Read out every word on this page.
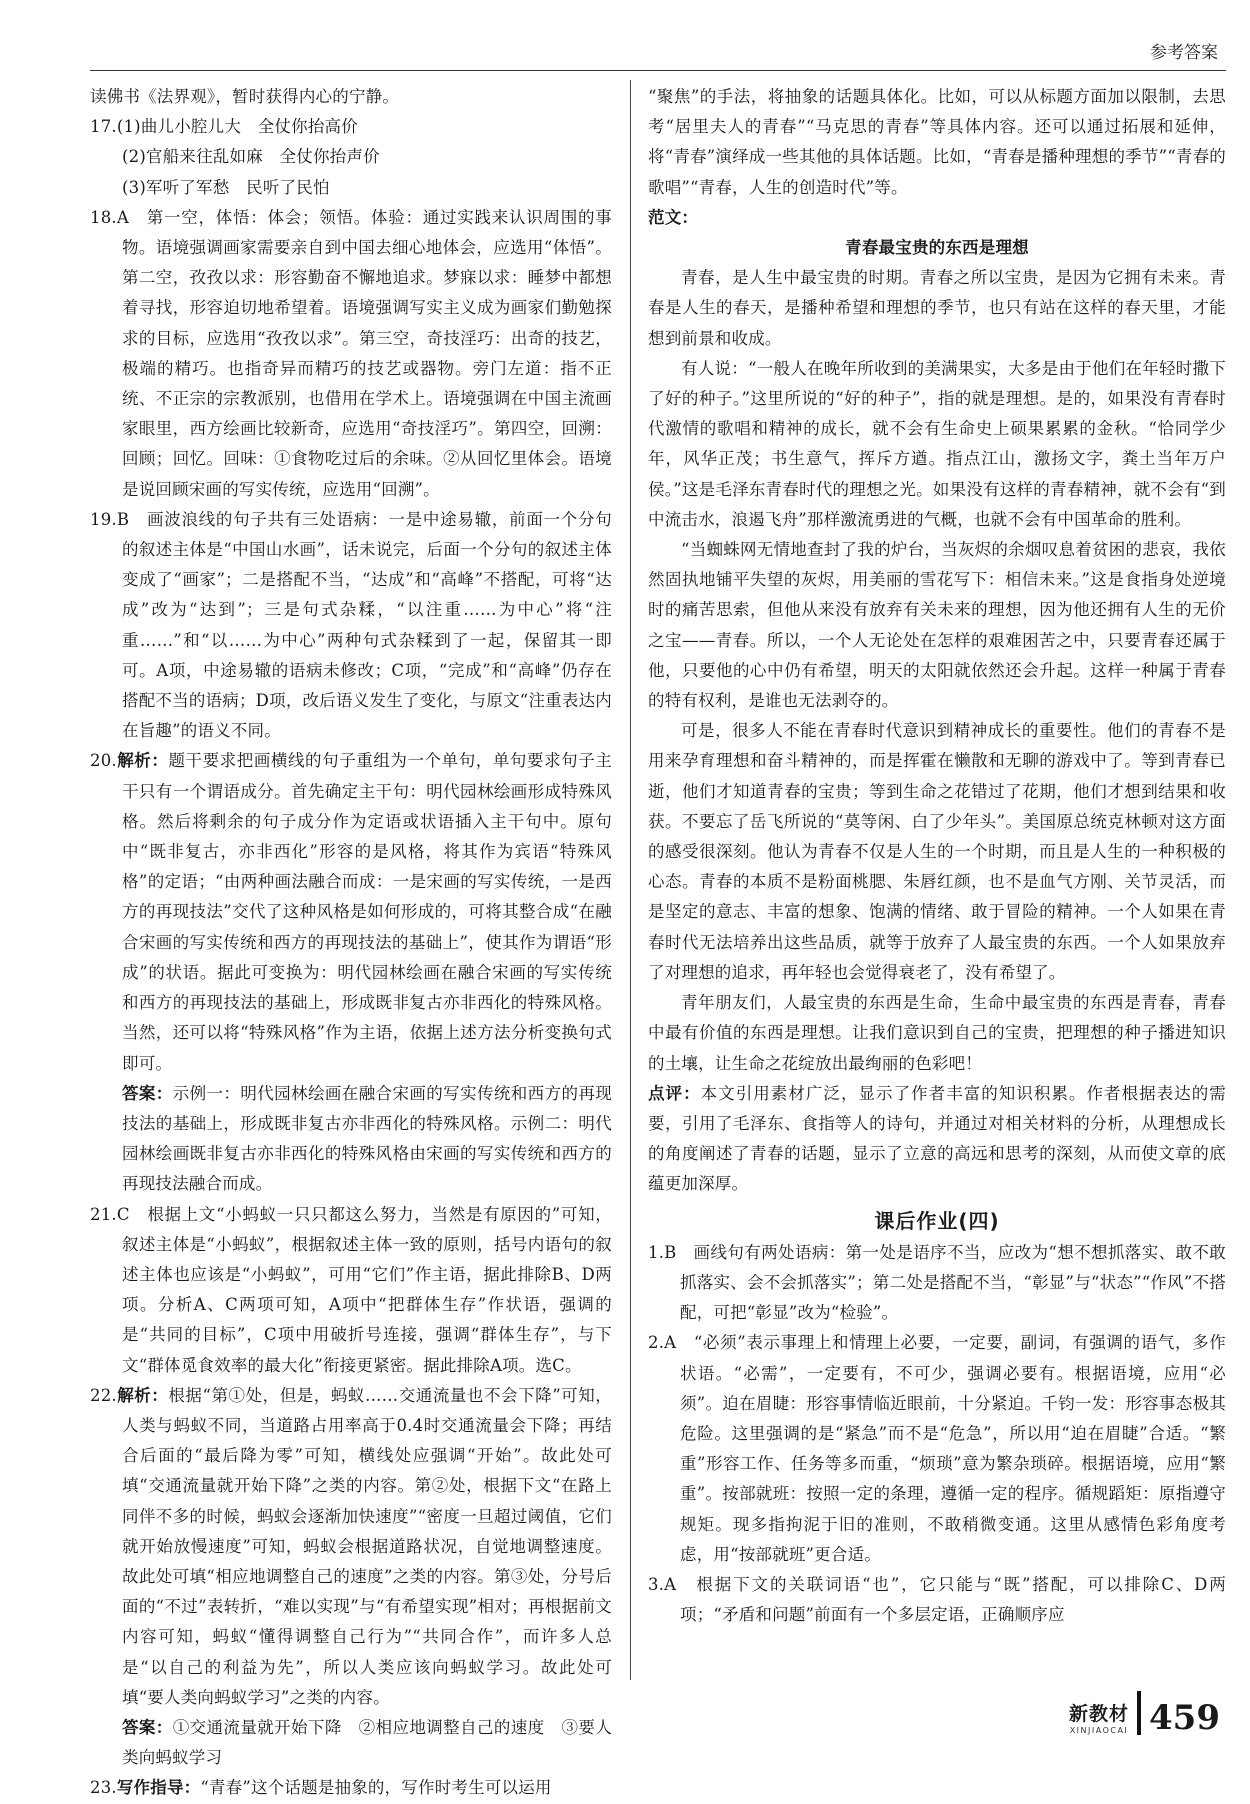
参考答案

读佛书《法界观》，暂时获得内心的宁静。

17.(1)曲儿小腔儿大　全仗你抬高价

(2)官船来往乱如麻　全仗你抬声价

(3)军听了军愁　民听了民怕

18.A　第一空，体悟：体会；领悟。体验：通过实践来认识周围的事物。语境强调画家需要亲自到中国去细心地体会，应选用“体悟”。第二空，孜孜以求：形容勤奋不懈地追求。梦寐以求：睡梦中都想着寻找，形容迫切地希望着。语境强调写实主义成为画家们勤勉探求的目标，应选用“孜孜以求”。第三空，奇技淫巧：出奇的技艺，极端的精巧。也指奇异而精巧的技艺或器物。旁门左道：指不正统、不正宗的宗教派别，也借用在学术上。语境强调在中国主流画家眼里，西方绘画比较新奇，应选用“奇技淫巧”。第四空，回溯：回顾；回忆。回味：①食物吃过后的余味。②从回忆里体会。语境是说回顾宋画的写实传统，应选用“回溯”。

19.B　画波浪线的句子共有三处语病：一是中途易辙，前面一个分句的叙述主体是“中国山水画”，话未说完，后面一个分句的叙述主体变成了“画家”；二是搭配不当，“达成”和“高峰”不搭配，可将“达成”改为“达到”；三是句式杂糅，“以注重……为中心”将“注重……”和“以……为中心”两种句式杂糅到了一起，保留其一即可。A项，中途易辙的语病未修改；C项，“完成”和“高峰”仍存在搭配不当的语病；D项，改后语义发生了变化，与原文“注重表达内在旨趣”的语义不同。

20.解析：题干要求把画横线的句子重组为一个单句，单句要求句子主干只有一个谓语成分。首先确定主干句：明代园林绘画形成特殊风格。然后将剩余的句子成分作为定语或状语插入主干句中。原句中“既非复古，亦非西化”形容的是风格，将其作为宾语“特殊风格”的定语；“由两种画法融合而成：一是宋画的写实传统，一是西方的再现技法”交代了这种风格是如何形成的，可将其整合成“在融合宋画的写实传统和西方的再现技法的基础上”，使其作为谓语“形成”的状语。据此可变换为：明代园林绘画在融合宋画的写实传统和西方的再现技法的基础上，形成既非复古亦非西化的特殊风格。当然，还可以将“特殊风格”作为主语，依据上述方法分析变换句式即可。

答案：示例一：明代园林绘画在融合宋画的写实传统和西方的再现技法的基础上，形成既非复古亦非西化的特殊风格。示例二：明代园林绘画既非复古亦非西化的特殊风格由宋画的写实传统和西方的再现技法融合而成。

21.C　根据上文“小蚂蚁一只只都这么努力，当然是有原因的”可知，叙述主体是“小蚂蚁”，根据叙述主体一致的原则，括号内语句的叙述主体也应该是“小蚂蚁”，可用“它们”作主语，据此排除B、D两项。分析A、C两项可知，A项中“把群体生存”作状语，强调的是“共同的目标”，C项中用破折号连接，强调“群体生存”，与下文“群体觅食效率的最大化”衔接更紧密。据此排除A项。选C。

22.解析：根据“第①处，但是，蚂蚁……交通流量也不会下降”可知，人类与蚂蚁不同，当道路占用率高于0.4时交通流量会下降；再结合后面的“最后降为零”可知，横线处应强调“开始”。故此处可填“交通流量就开始下降”之类的内容。第②处，根据下文“在路上同伴不多的时候，蚂蚁会逐渐加快速度”“密度一旦超过阈值，它们就开始放慢速度”可知，蚂蚁会根据道路状况，自觉地调整速度。故此处可填“相应地调整自己的速度”之类的内容。第③处，分号后面的“不过”表转折，“难以实现”与“有希望实现”相对；再根据前文内容可知，蚂蚁“懂得调整自己行为”“共同合作”，而许多人总是“以自己的利益为先”，所以人类应该向蚂蚁学习。故此处可填“要人类向蚂蚁学习”之类的内容。

答案：①交通流量就开始下降　②相应地调整自己的速度　③要人类向蚂蚁学习

23.写作指导：“青春”这个话题是抽象的，写作时考生可以运用

“聚焦”的手法，将抽象的话题具体化。比如，可以从标题方面加以限制，去思考“居里夫人的青春”“马克思的青春”等具体内容。还可以通过拓展和延伸，将“青春”演绎成一些其他的具体话题。比如，“青春是播种理想的季节”“青春的歌唱”“青春，人生的创造时代”等。

范文：

青春最宝贵的东西是理想

青春，是人生中最宝贵的时期。青春之所以宝贵，是因为它拥有未来。青春是人生的春天，是播种希望和理想的季节，也只有站在这样的春天里，才能想到前景和收成。

有人说：“一般人在晚年所收到的美满果实，大多是由于他们在年轻时撒下了好的种子。”这里所说的“好的种子”，指的就是理想。是的，如果没有青春时代激情的歌唱和精神的成长，就不会有生命史上硕果累累的金秋。“恰同学少年，风华正茂；书生意气，挥斥方遒。指点江山，激扬文字，粪土当年万户侯。”这是毛泽东青春时代的理想之光。如果没有这样的青春精神，就不会有“到中流击水，浪遏飞舟”那样激流勇进的气概，也就不会有中国革命的胜利。

“当蜘蛛网无情地查封了我的炉台，当灰烬的余烟叹息着贫困的悲哀，我依然固执地铺平失望的灰烬，用美丽的雪花写下：相信未来。”这是食指身处逆境时的痛苦思索，但他从来没有放弃有关未来的理想，因为他还拥有人生的无价之宝——青春。所以，一个人无论处在怎样的艰难困苦之中，只要青春还属于他，只要他的心中仍有希望，明天的太阳就依然还会升起。这样一种属于青春的特有权利，是谁也无法剥夺的。

可是，很多人不能在青春时代意识到精神成长的重要性。他们的青春不是用来孕育理想和奋斗精神的，而是挥霍在懒散和无聊的游戏中了。等到青春已逝，他们才知道青春的宝贵；等到生命之花错过了花期，他们才想到结果和收获。不要忘了岳飞所说的“莫等闲、白了少年头”。美国原总统克林顿对这方面的感受很深刻。他认为青春不仅是人生的一个时期，而且是人生的一种积极的心态。青春的本质不是粉面桃腮、朱唇红颜，也不是血气方刚、关节灵活，而是坚定的意志、丰富的想象、饱满的情绪、敢于冒险的精神。一个人如果在青春时代无法培养出这些品质，就等于放弃了人最宝贵的东西。一个人如果放弃了对理想的追求，再年轻也会觉得衰老了，没有希望了。

青年朋友们，人最宝贵的东西是生命，生命中最宝贵的东西是青春，青春中最有价值的东西是理想。让我们意识到自己的宝贵，把理想的种子播进知识的土壤，让生命之花绽放出最绚丽的色彩吧！

点评：本文引用素材广泛，显示了作者丰富的知识积累。作者根据表达的需要，引用了毛泽东、食指等人的诗句，并通过对相关材料的分析，从理想成长的角度阐述了青春的话题，显示了立意的高远和思考的深刻，从而使文章的底蕴更加深厚。

课后作业(四)

1.B　画线句有两处语病：第一处是语序不当，应改为“想不想抓落实、敢不敢抓落实、会不会抓落实”；第二处是搭配不当，“彰显”与“状态”“作风”不搭配，可把“彰显”改为“检验”。

2.A　“必须”表示事理上和情理上必要，一定要，副词，有强调的语气，多作状语。“必需”，一定要有，不可少，强调必要有。根据语境，应用“必须”。迫在眉睫：形容事情临近眼前，十分紧迫。千钧一发：形容事态极其危险。这里强调的是“紧急”而不是“危急”，所以用“迫在眉睫”合适。“繁重”形容工作、任务等多而重，“烦琐”意为繁杂琐碎。根据语境，应用“繁重”。按部就班：按照一定的条理，遵循一定的程序。循规蹈矩：原指遵守规矩。现多指拘泥于旧的准则，不敢稍微变通。这里从感情色彩角度考虑，用“按部就班”更合适。

3.A　根据下文的关联词语“也”，它只能与“既”搭配，可以排除C、D两项；“矛盾和问题”前面有一个多层定语，正确顺序应

新教材
XINJIAOCAI 459
